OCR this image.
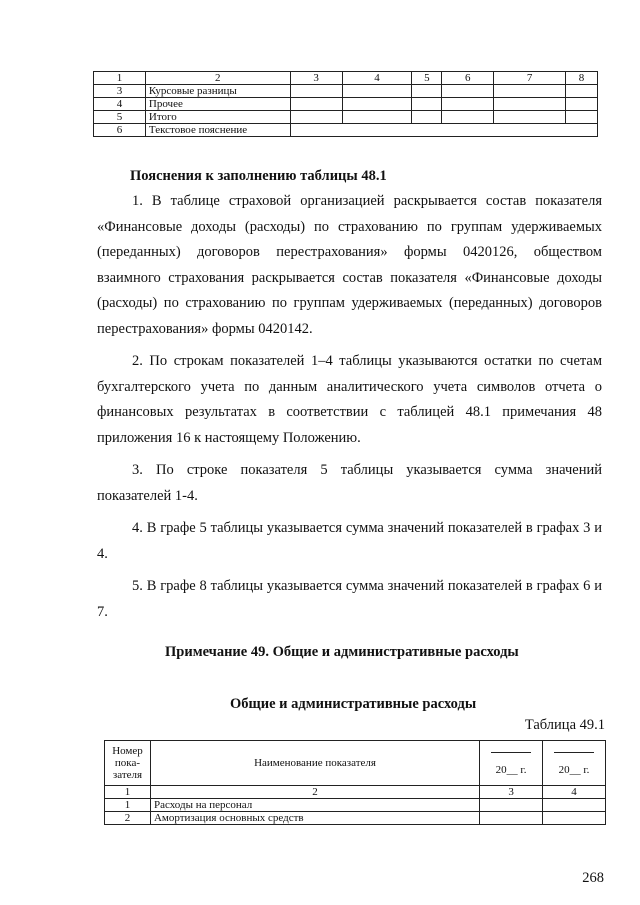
1	2	3	4	5	6	7	8
3	Курсовые разницы						
4	Прочее						
5	Итого						
6	Текстовое пояснение						
Пояснения к заполнению таблицы 48.1

1. В таблице страховой организацией раскрывается состав показателя «Финансовые доходы (расходы) по страхованию по группам удерживаемых (переданных) договоров перестрахования» формы 0420126, обществом взаимного страхования раскрывается состав показателя «Финансовые доходы (расходы) по страхованию по группам удерживаемых (переданных) договоров перестрахования» формы 0420142.

2. По строкам показателей 1–4 таблицы указываются остатки по счетам бухгалтерского учета по данным аналитического учета символов отчета о финансовых результатах в соответствии с таблицей 48.1 примечания 48 приложения 16 к настоящему Положению.

3. По строке показателя 5 таблицы указывается сумма значений показателей 1-4.

4. В графе 5 таблицы указывается сумма значений показателей в графах 3 и 4.

5. В графе 8 таблицы указывается сумма значений показателей в графах 6 и 7.

Примечание 49. Общие и административные расходы
Общие и административные расходы
Таблица 49.1
Номер
пока-
зателя	Наименование показателя	20__ г.	20__ г.
1	2	3	4
1	Расходы на персонал		
2	Амортизация основных средств		
268
